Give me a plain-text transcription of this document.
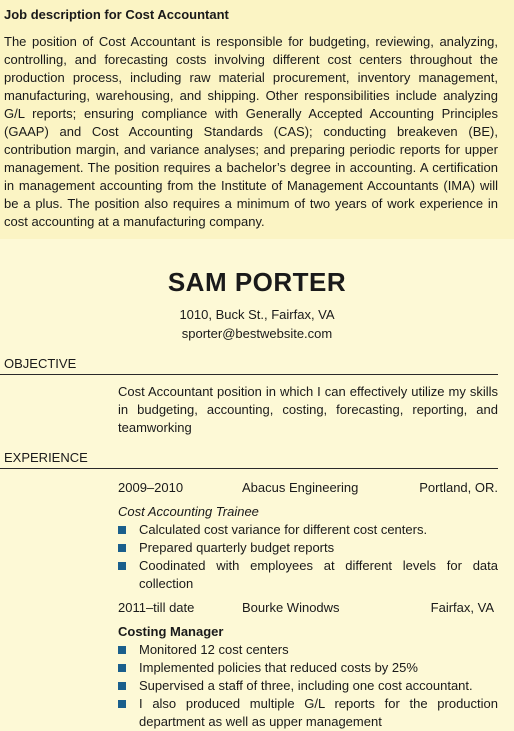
Job description for Cost Accountant

The position of Cost Accountant is responsible for budgeting, reviewing, analyzing, controlling, and forecasting costs involving different cost centers throughout the production process, including raw material procurement, inventory management, manufacturing, warehousing, and shipping. Other responsibilities include analyzing G/L reports; ensuring compliance with Generally Accepted Accounting Principles (GAAP) and Cost Accounting Standards (CAS); conducting breakeven (BE), contribution margin, and variance analyses; and preparing periodic reports for upper management. The position requires a bachelor’s degree in accounting. A certification in management accounting from the Institute of Management Accountants (IMA) will be a plus. The position also requires a minimum of two years of work experience in cost accounting at a manufacturing company.

SAM PORTER
1010, Buck St., Fairfax, VA
sporter@bestwebsite.com
OBJECTIVE
Cost Accountant position in which I can effectively utilize my skills in budgeting, accounting, costing, forecasting, reporting, and teamworking
EXPERIENCE
2009–2010	Abacus Engineering	Portland, OR.
Cost Accounting Trainee
Calculated cost variance for different cost centers.
Prepared quarterly budget reports
Coodinated with employees at different levels for data collection
2011–till date	Bourke Winodws	Fairfax, VA
Costing Manager
Monitored 12 cost centers
Implemented policies that reduced costs by 25%
Supervised a staff of three, including one cost accountant.
I also produced multiple G/L reports for the production department as well as upper management
